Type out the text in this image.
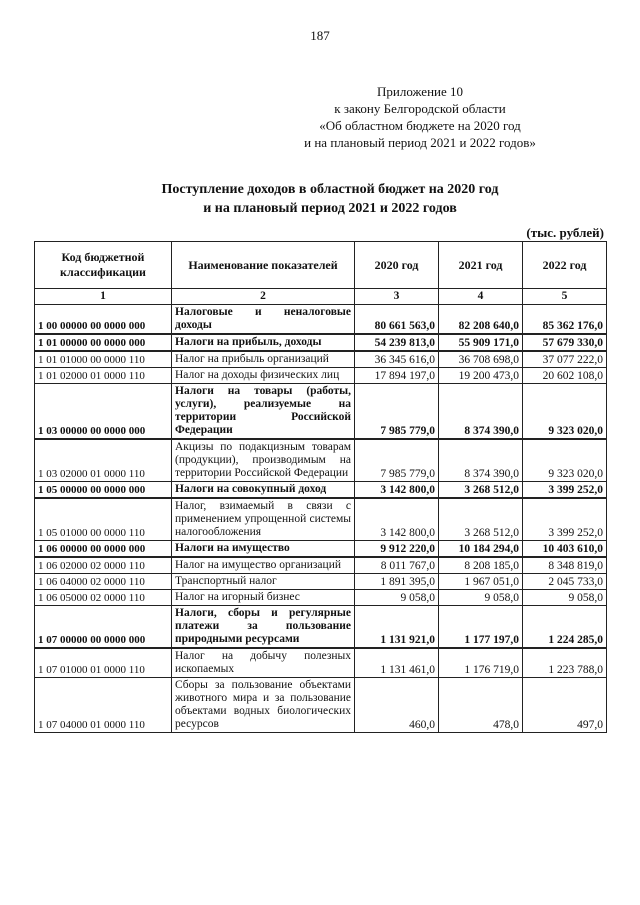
187
Приложение 10
к закону Белгородской области
«Об областном бюджете на 2020 год
и на плановый период 2021 и 2022 годов»
Поступление доходов в областной бюджет на 2020 год
и на плановый период 2021 и 2022 годов
(тыс. рублей)
Код бюджетной классификации	Наименование показателей	2020 год	2021 год	2022 год
1	2	3	4	5
1 00 00000 00 0000 000	Налоговые и неналоговые доходы	80 661 563,0	82 208 640,0	85 362 176,0
1 01 00000 00 0000 000	Налоги на прибыль, доходы	54 239 813,0	55 909 171,0	57 679 330,0
1 01 01000 00 0000 110	Налог на прибыль организаций	36 345 616,0	36 708 698,0	37 077 222,0
1 01 02000 01 0000 110	Налог на доходы физических лиц	17 894 197,0	19 200 473,0	20 602 108,0
1 03 00000 00 0000 000	Налоги на товары (работы, услуги), реализуемые на территории Российской Федерации	7 985 779,0	8 374 390,0	9 323 020,0
1 03 02000 01 0000 110	Акцизы по подакцизным товарам (продукции), производимым на территории Российской Федерации	7 985 779,0	8 374 390,0	9 323 020,0
1 05 00000 00 0000 000	Налоги на совокупный доход	3 142 800,0	3 268 512,0	3 399 252,0
1 05 01000 00 0000 110	Налог, взимаемый в связи с применением упрощенной системы налогообложения	3 142 800,0	3 268 512,0	3 399 252,0
1 06 00000 00 0000 000	Налоги на имущество	9 912 220,0	10 184 294,0	10 403 610,0
1 06 02000 02 0000 110	Налог на имущество организаций	8 011 767,0	8 208 185,0	8 348 819,0
1 06 04000 02 0000 110	Транспортный налог	1 891 395,0	1 967 051,0	2 045 733,0
1 06 05000 02 0000 110	Налог на игорный бизнес	9 058,0	9 058,0	9 058,0
1 07 00000 00 0000 000	Налоги, сборы и регулярные платежи за пользование природными ресурсами	1 131 921,0	1 177 197,0	1 224 285,0
1 07 01000 01 0000 110	Налог на добычу полезных ископаемых	1 131 461,0	1 176 719,0	1 223 788,0
1 07 04000 01 0000 110	Сборы за пользование объектами животного мира и за пользование объектами водных биологических ресурсов	460,0	478,0	497,0
